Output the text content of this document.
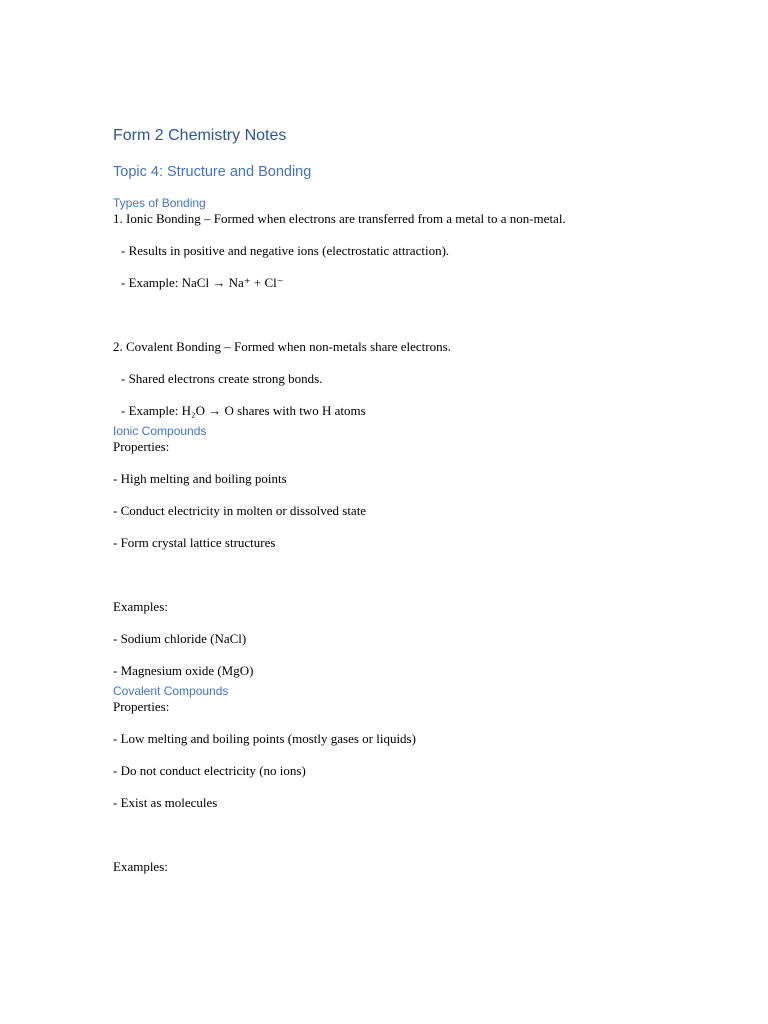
Form 2 Chemistry Notes
Topic 4: Structure and Bonding
Types of Bonding
1. Ionic Bonding – Formed when electrons are transferred from a metal to a non-metal.
- Results in positive and negative ions (electrostatic attraction).
- Example: NaCl → Na⁺ + Cl⁻
2. Covalent Bonding – Formed when non-metals share electrons.
- Shared electrons create strong bonds.
- Example: H₂O → O shares with two H atoms
Ionic Compounds
Properties:
- High melting and boiling points
- Conduct electricity in molten or dissolved state
- Form crystal lattice structures
Examples:
- Sodium chloride (NaCl)
- Magnesium oxide (MgO)
Covalent Compounds
Properties:
- Low melting and boiling points (mostly gases or liquids)
- Do not conduct electricity (no ions)
- Exist as molecules
Examples:
